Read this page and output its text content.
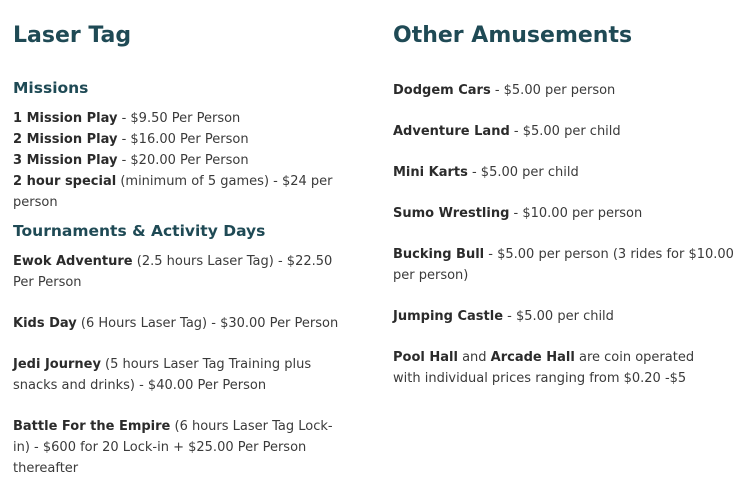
Laser Tag
Missions

1 Mission Play - $9.50 Per Person

2 Mission Play - $16.00 Per Person

3 Mission Play - $20.00 Per Person

2 hour special (minimum of 5 games) - $24 per person

Tournaments & Activity Days

Ewok Adventure (2.5 hours Laser Tag) - $22.50 Per Person

Kids Day (6 Hours Laser Tag) - $30.00 Per Person

Jedi Journey (5 hours Laser Tag Training plus snacks and drinks) - $40.00 Per Person

Battle For the Empire (6 hours Laser Tag Lock-in) - $600 for 20 Lock-in + $25.00 Per Person thereafter

Other Amusements

Dodgem Cars - $5.00 per person

Adventure Land - $5.00 per child

Mini Karts - $5.00 per child

Sumo Wrestling - $10.00 per person

Bucking Bull - $5.00 per person (3 rides for $10.00 per person)

Jumping Castle - $5.00 per child

Pool Hall and Arcade Hall are coin operated with individual prices ranging from $0.20 -$5
